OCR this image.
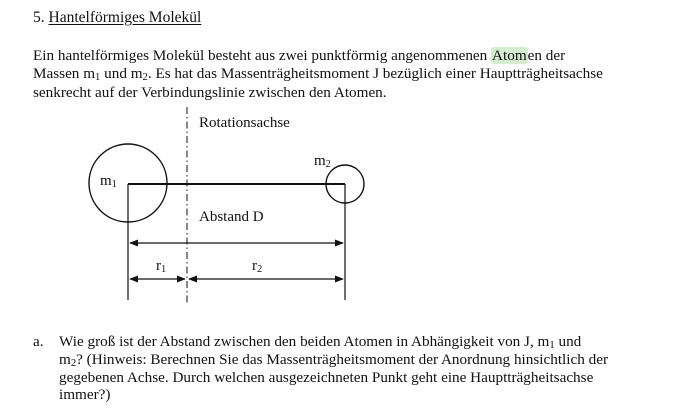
5. Hantelförmiges Molekül
Ein hantelförmiges Molekül besteht aus zwei punktförmig angenommenen Atomen der
Massen $m_1$ und $m_2$. Es hat das Massenträgheitsmoment J bezüglich einer Hauptträgheitsachse
senkrecht auf der Verbindungslinie zwischen den Atomen.
Rotationsachse
$m_1$
$m_2$
Abstand D
$r_1$	$r_2$
a. Wie groß ist der Abstand zwischen den beiden Atomen in Abhängigkeit von J, $m_1$ und
$m_2$? (Hinweis: Berechnen Sie das Massenträgheitsmoment der Anordnung hinsichtlich der
gegebenen Achse. Durch welchen ausgezeichneten Punkt geht eine Hauptträgheitsachse
immer?)
